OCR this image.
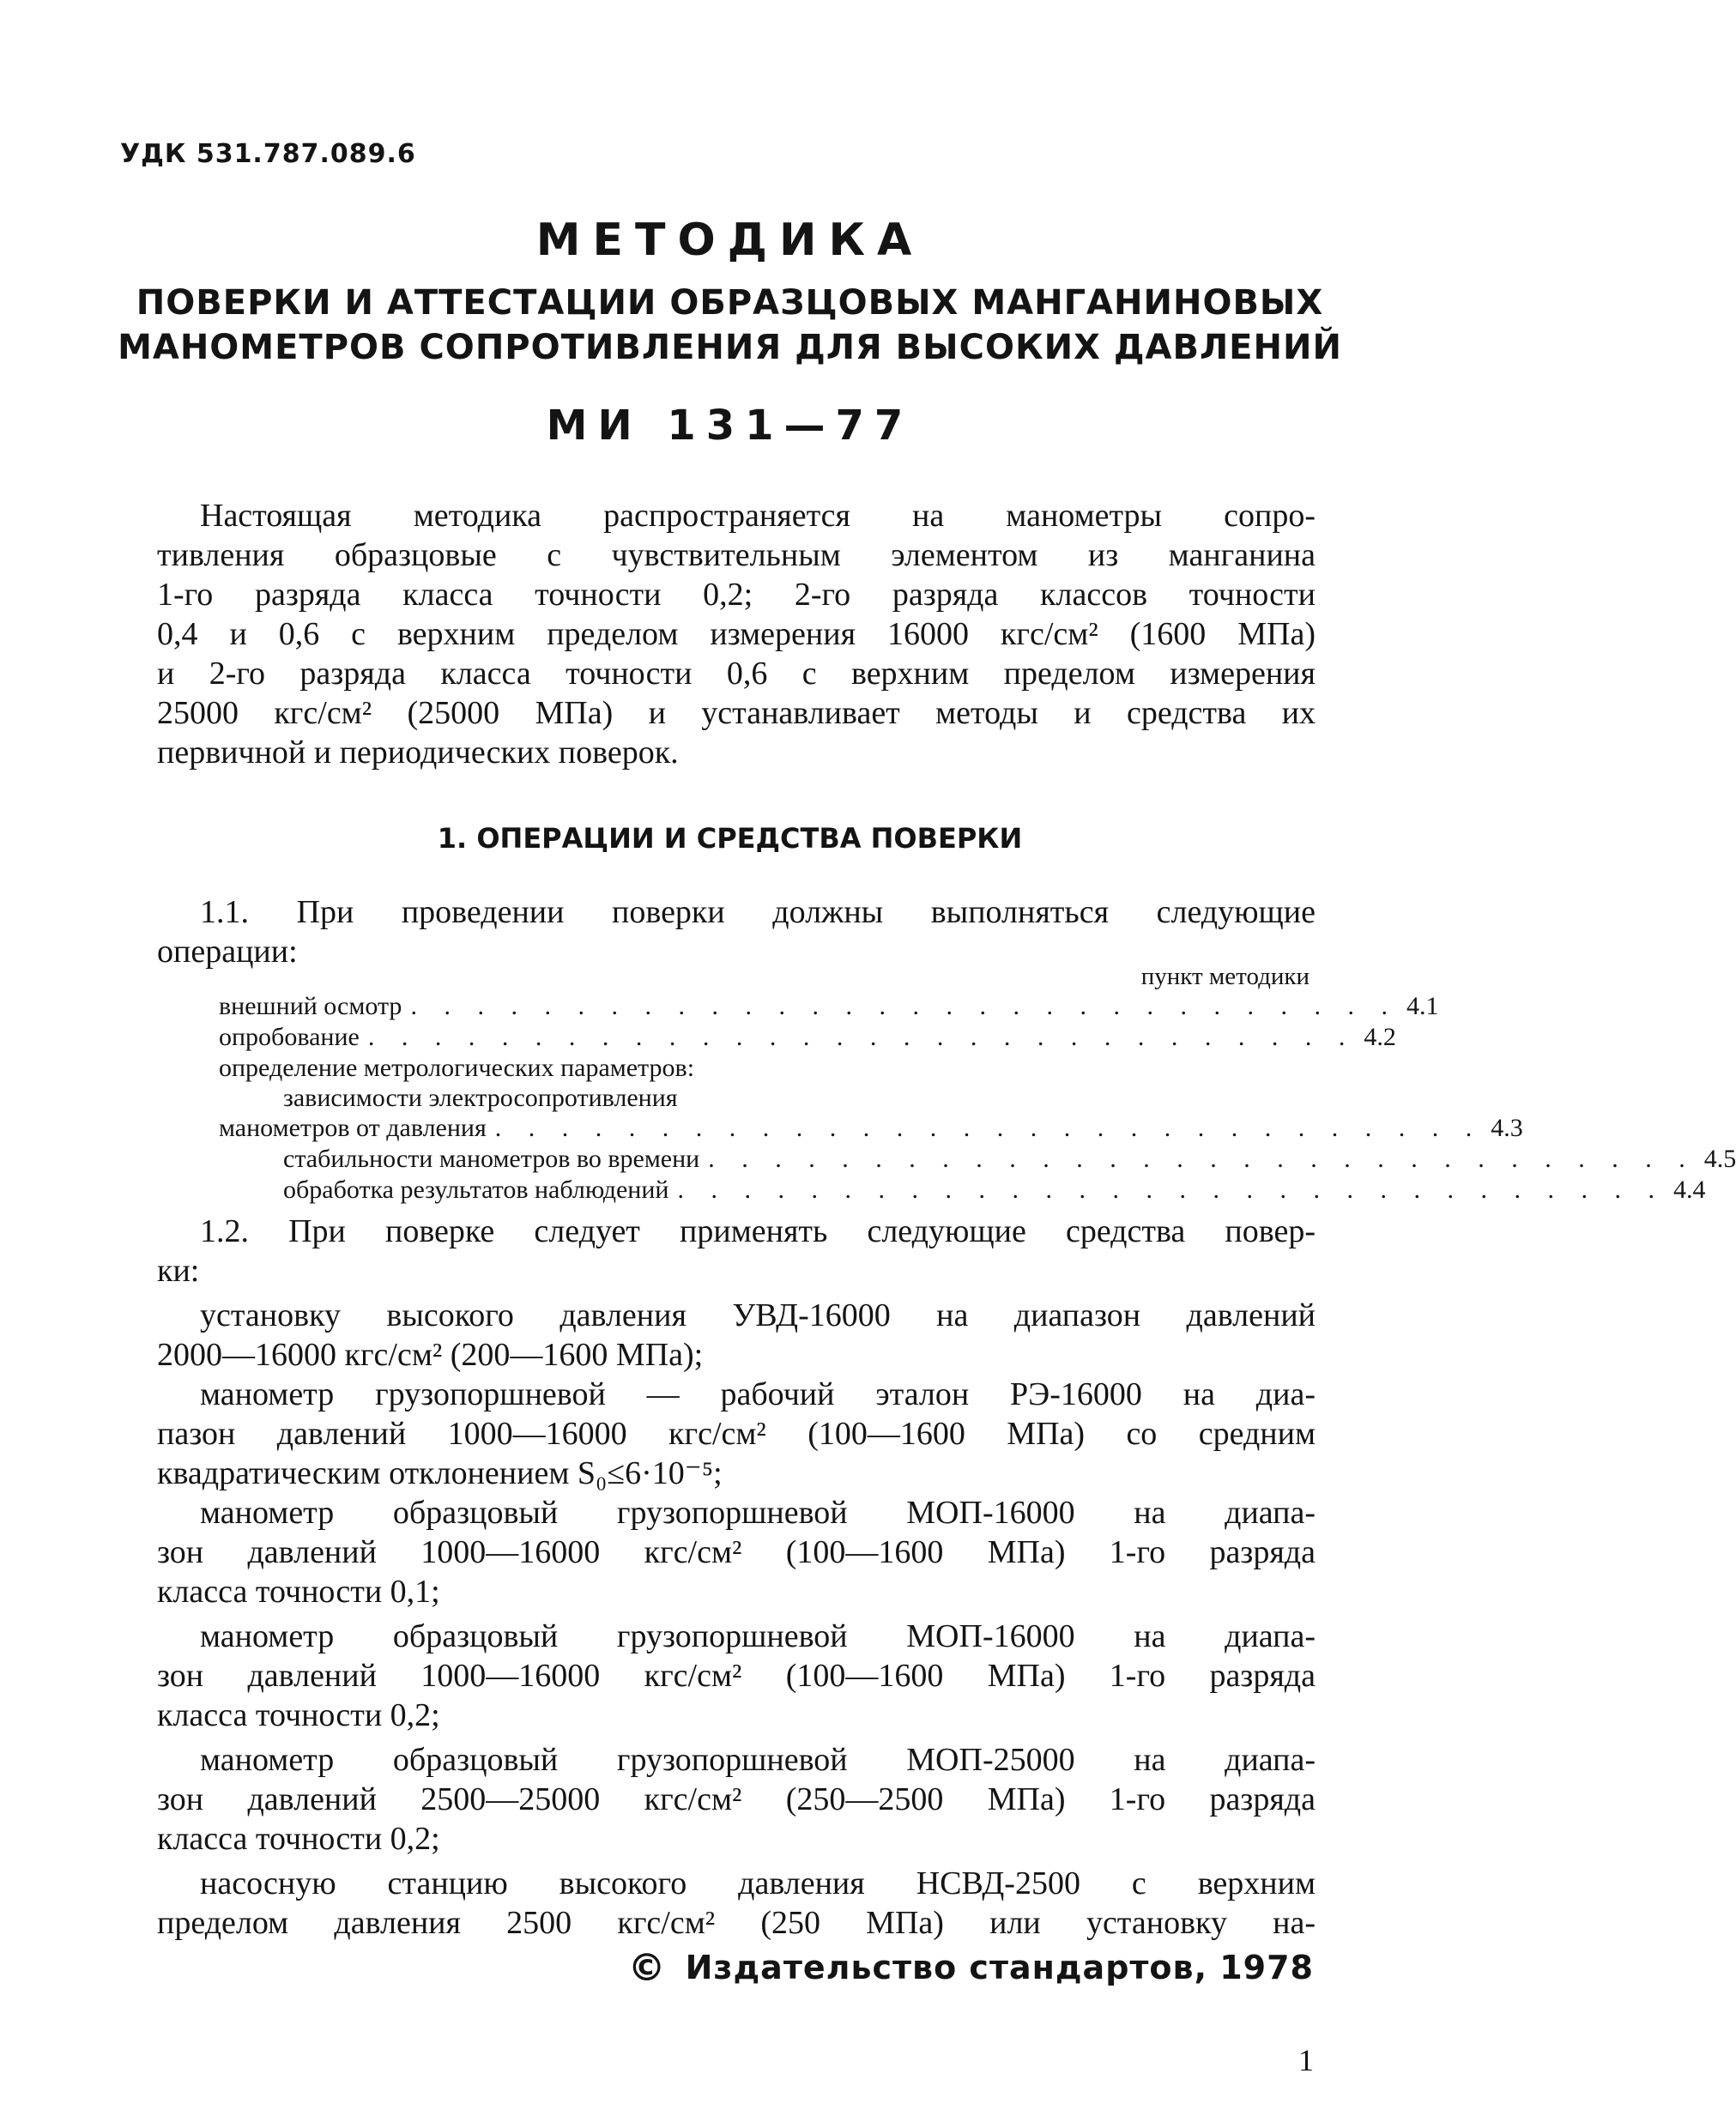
УДК 531.787.089.6
МЕТОДИКА
ПОВЕРКИ И АТТЕСТАЦИИ ОБРАЗЦОВЫХ МАНГАНИНОВЫХ
МАНОМЕТРОВ СОПРОТИВЛЕНИЯ ДЛЯ ВЫСОКИХ ДАВЛЕНИЙ
МИ 131—77
Настоящая методика распространяется на манометры сопро-
тивления образцовые с чувствительным элементом из манганина
1-го разряда класса точности 0,2; 2-го разряда классов точности
0,4 и 0,6 с верхним пределом измерения 16000 кгс/см² (1600 МПа)
и 2-го разряда класса точности 0,6 с верхним пределом измерения
25000 кгс/см² (25000 МПа) и устанавливает методы и средства их
первичной и периодических поверок.
1. ОПЕРАЦИИ И СРЕДСТВА ПОВЕРКИ
1.1. При проведении поверки должны выполняться следующие
операции:
пункт методики
внешний осмотр . . . . . . . . . . . . . . . . . . . . . . . . . . . . . . 4.1
опробование . . . . . . . . . . . . . . . . . . . . . . . . . . . . . . 4.2
определение метрологических параметров:
зависимости электросопротивления
манометров от давления . . . . . . . . . . . . . . . . . . . . . . . . . . . . . . 4.3
стабильности манометров во времени . . . . . . . . . . . . . . . . . . . . . . . . . . . . . . 4.5
обработка результатов наблюдений . . . . . . . . . . . . . . . . . . . . . . . . . . . . . . 4.4
1.2. При поверке следует применять следующие средства повер-
ки:
установку высокого давления УВД-16000 на диапазон давлений
2000—16000 кгс/см² (200—1600 МПа);
манометр грузопоршневой — рабочий эталон РЭ-16000 на диа-
пазон давлений 1000—16000 кгс/см² (100—1600 МПа) со средним
квадратическим отклонением S₀≤6·10⁻⁵;
манометр образцовый грузопоршневой МОП-16000 на диапа-
зон давлений 1000—16000 кгс/см² (100—1600 МПа) 1-го разряда
класса точности 0,1;
манометр образцовый грузопоршневой МОП-16000 на диапа-
зон давлений 1000—16000 кгс/см² (100—1600 МПа) 1-го разряда
класса точности 0,2;
манометр образцовый грузопоршневой МОП-25000 на диапа-
зон давлений 2500—25000 кгс/см² (250—2500 МПа) 1-го разряда
класса точности 0,2;
насосную станцию высокого давления НСВД-2500 с верхним
пределом давления 2500 кгс/см² (250 МПа) или установку на-
© Издательство стандартов, 1978
1
